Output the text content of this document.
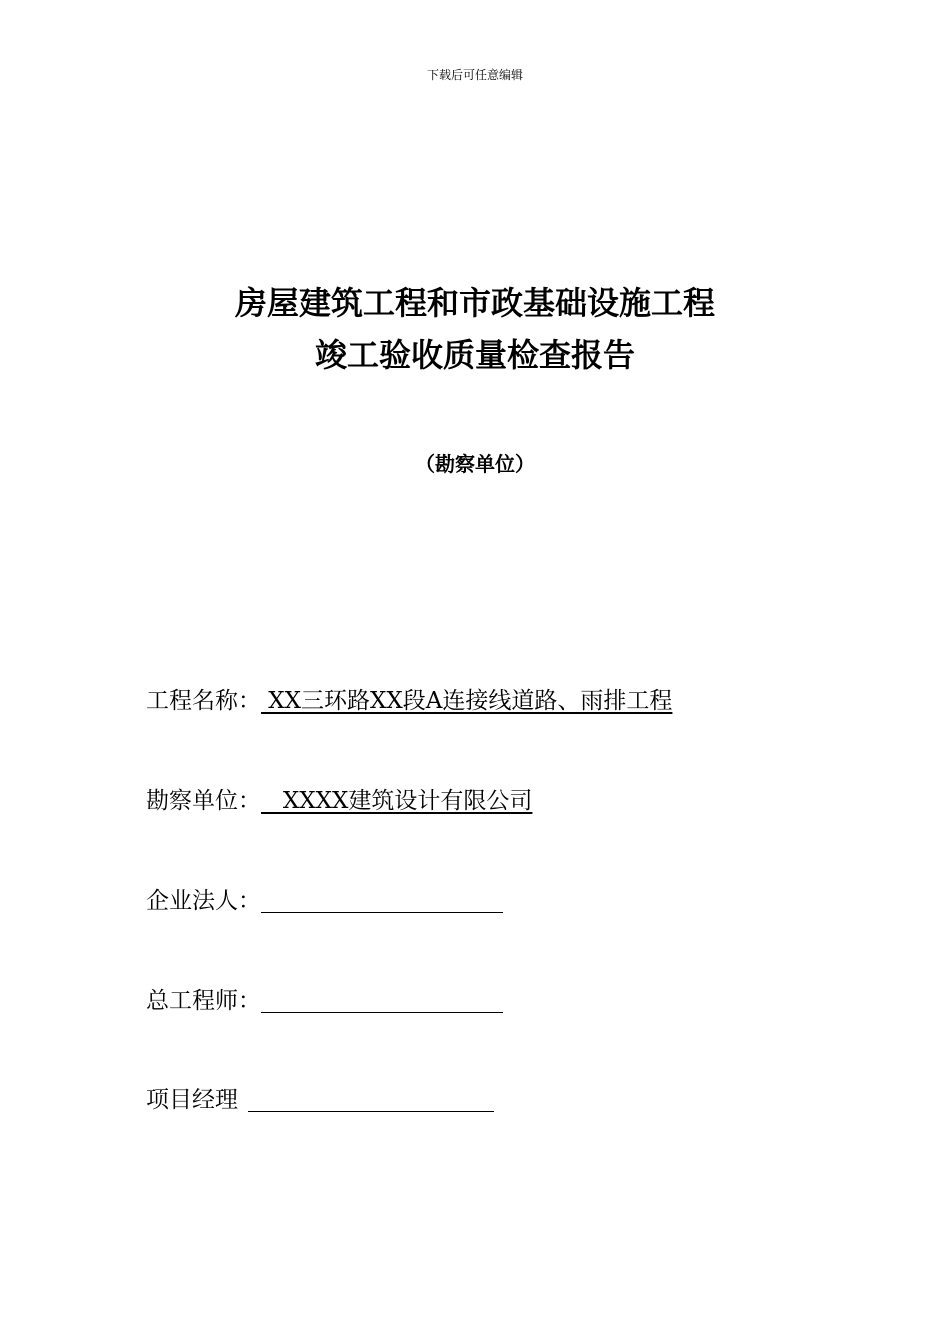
下载后可任意编辑
房屋建筑工程和市政基础设施工程
竣工验收质量检查报告
（勘察单位）
工程名称： XX三环路XX段A连接线道路、雨排工程
勘察单位： XXXX建筑设计有限公司
企业法人：
总工程师：
项目经理
